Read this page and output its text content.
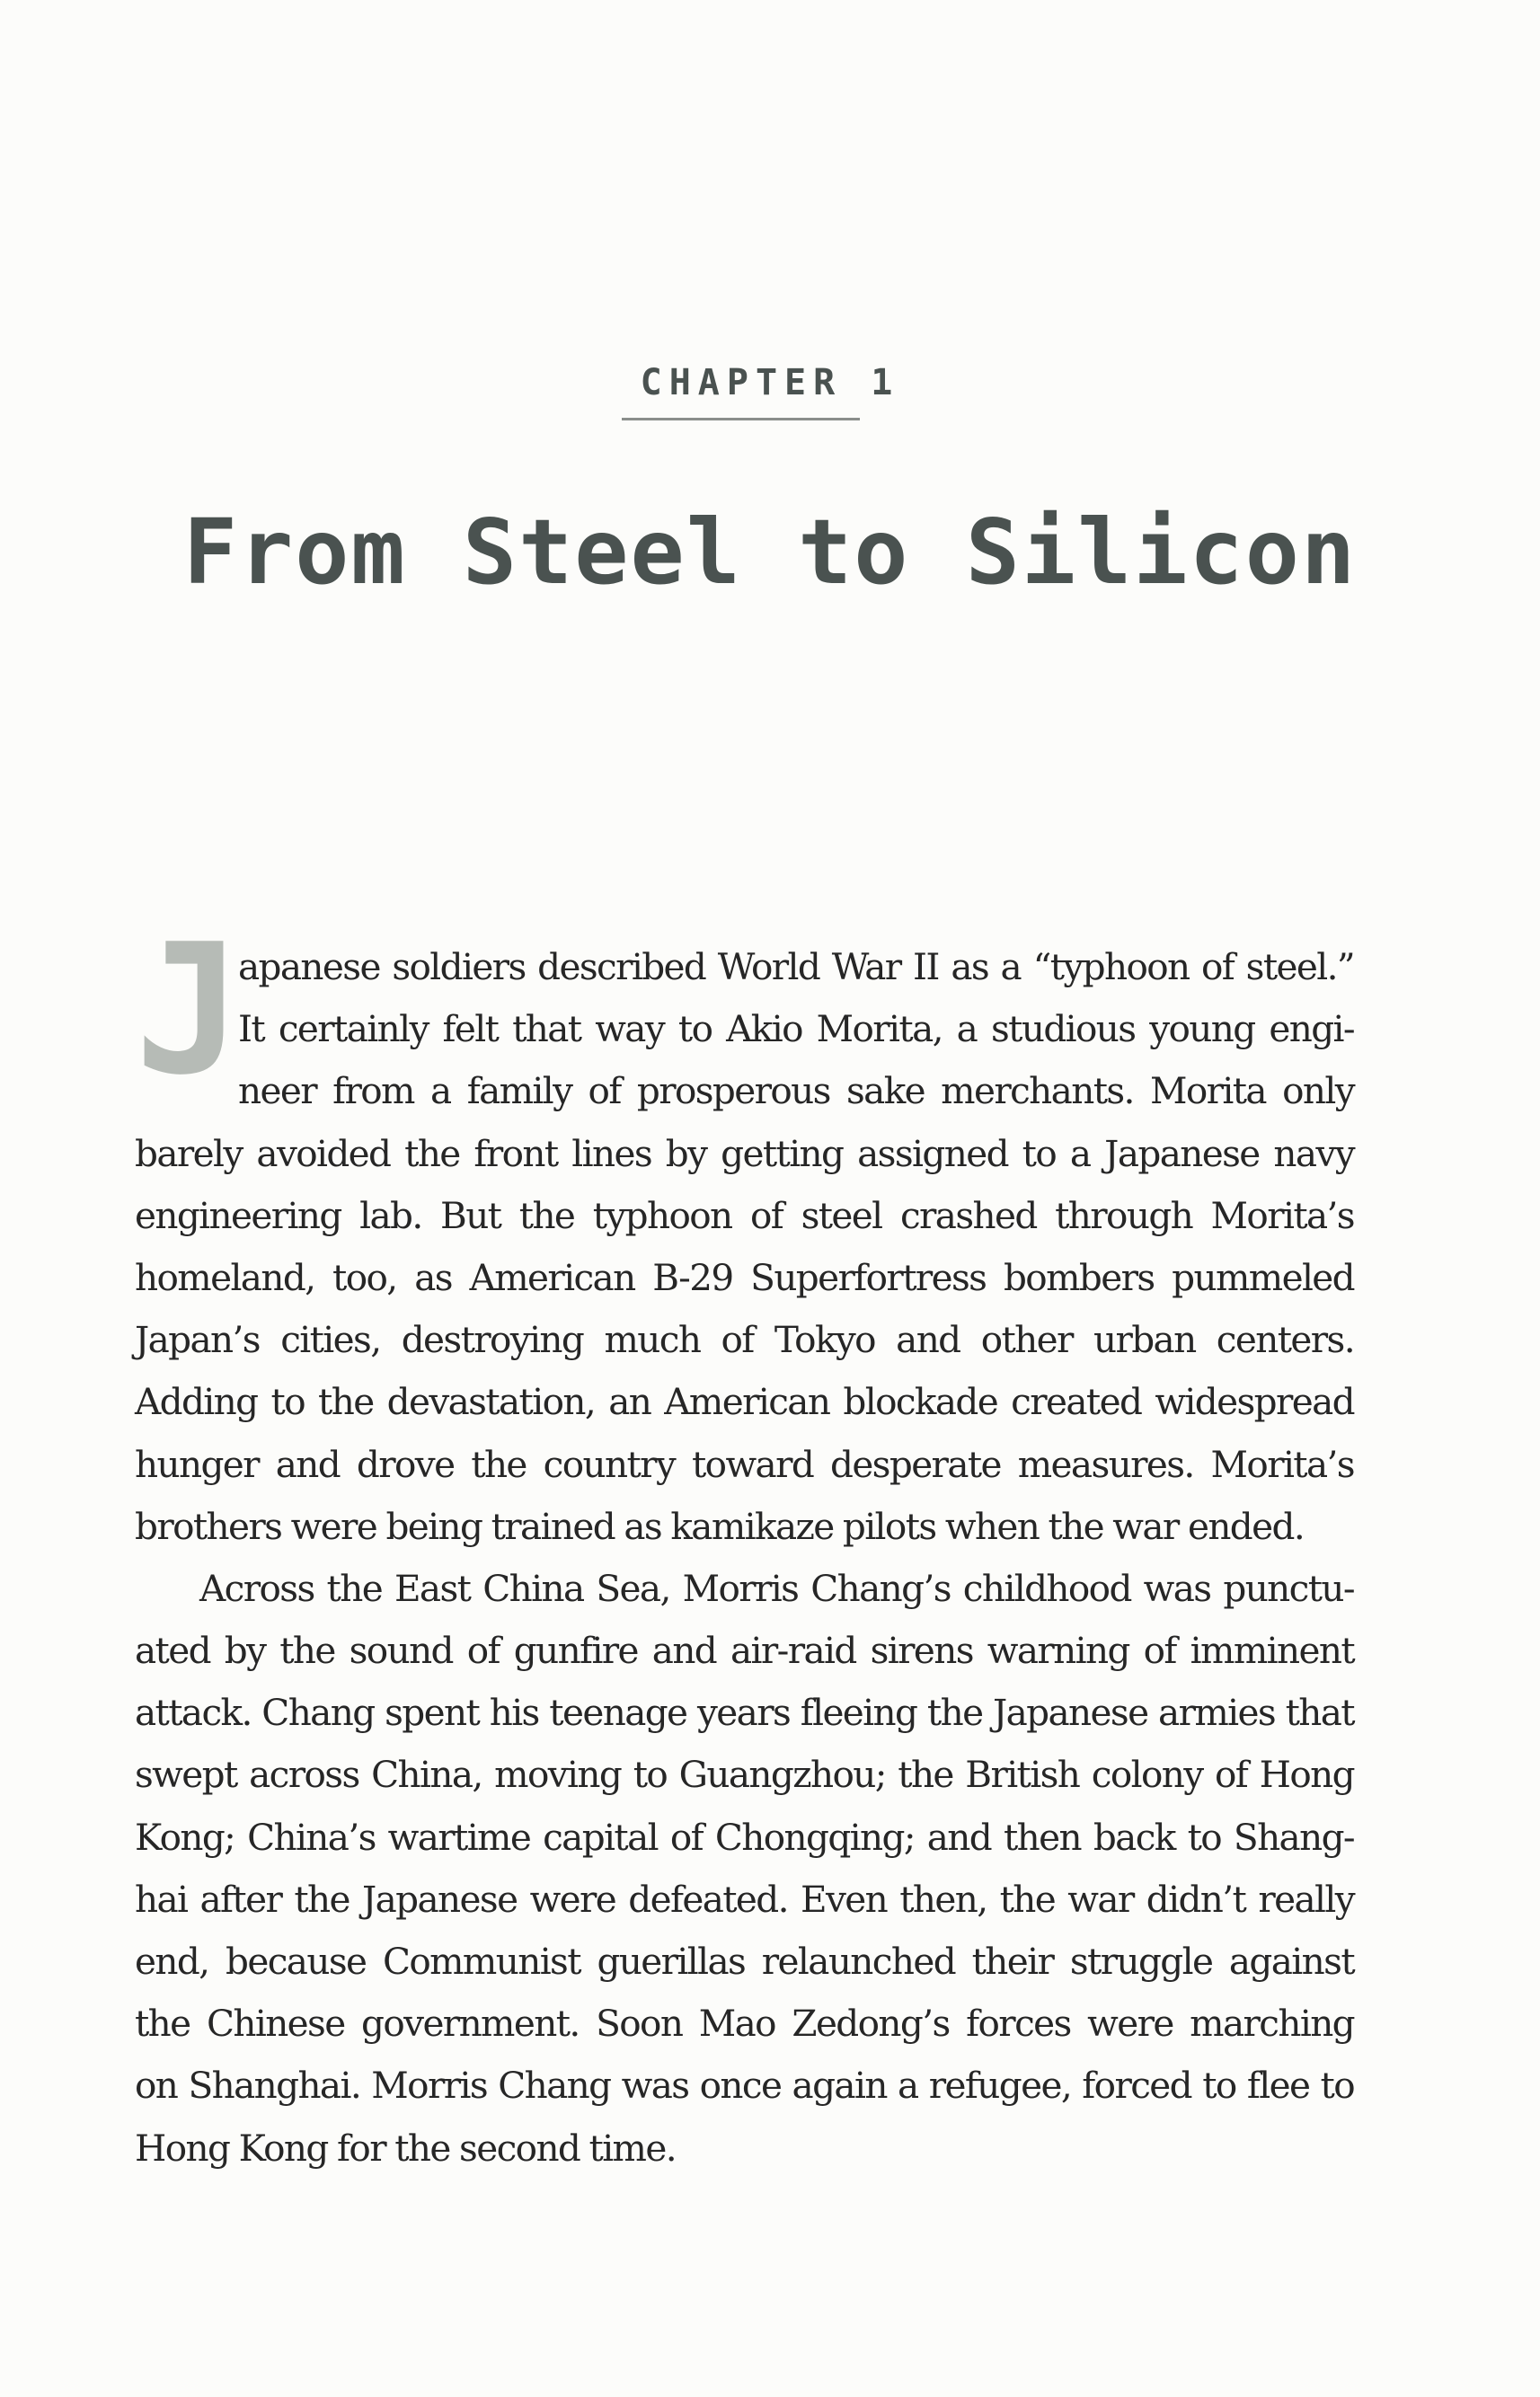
CHAPTER 1
From Steel to Silicon
J
apanese soldiers described World War II as a “typhoon of steel.”
It certainly felt that way to Akio Morita, a studious young engi-
neer from a family of prosperous sake merchants. Morita only
barely avoided the front lines by getting assigned to a Japanese navy
engineering lab. But the typhoon of steel crashed through Morita’s
homeland, too, as American B-29 Superfortress bombers pummeled
Japan’s cities, destroying much of Tokyo and other urban centers.
Adding to the devastation, an American blockade created widespread
hunger and drove the country toward desperate measures. Morita’s
brothers were being trained as kamikaze pilots when the war ended.
Across the East China Sea, Morris Chang’s childhood was punctu-
ated by the sound of gunfire and air-raid sirens warning of imminent
attack. Chang spent his teenage years fleeing the Japanese armies that
swept across China, moving to Guangzhou; the British colony of Hong
Kong; China’s wartime capital of Chongqing; and then back to Shang-
hai after the Japanese were defeated. Even then, the war didn’t really
end, because Communist guerillas relaunched their struggle against
the Chinese government. Soon Mao Zedong’s forces were marching
on Shanghai. Morris Chang was once again a refugee, forced to flee to
Hong Kong for the second time.
